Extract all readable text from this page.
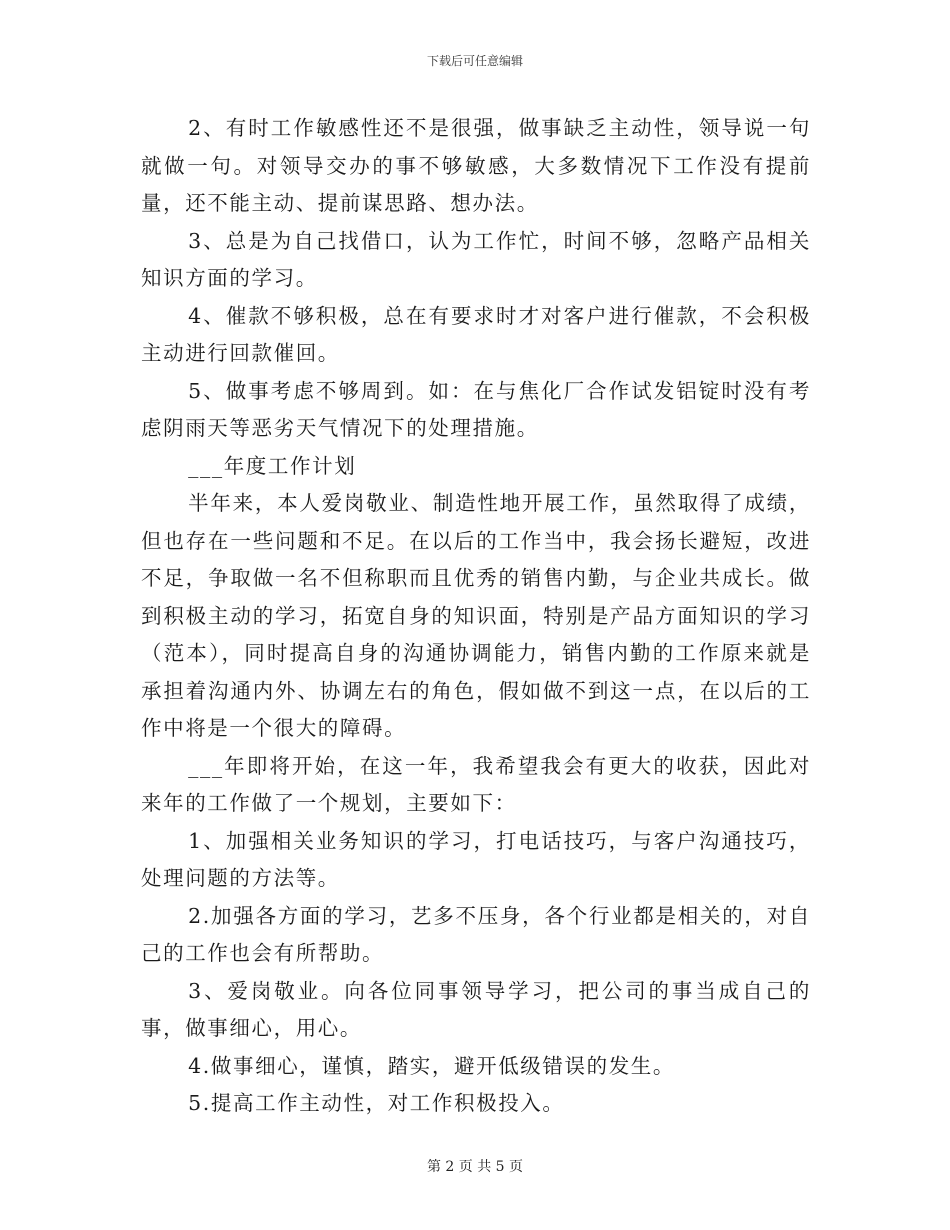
下载后可任意编辑

2、有时工作敏感性还不是很强，做事缺乏主动性，领导说一句就做一句。对领导交办的事不够敏感，大多数情况下工作没有提前量，还不能主动、提前谋思路、想办法。

3、总是为自己找借口，认为工作忙，时间不够，忽略产品相关知识方面的学习。

4、催款不够积极，总在有要求时才对客户进行催款，不会积极主动进行回款催回。

5、做事考虑不够周到。如：在与焦化厂合作试发铝锭时没有考虑阴雨天等恶劣天气情况下的处理措施。

___年度工作计划

半年来，本人爱岗敬业、制造性地开展工作，虽然取得了成绩，但也存在一些问题和不足。在以后的工作当中，我会扬长避短，改进不足，争取做一名不但称职而且优秀的销售内勤，与企业共成长。做到积极主动的学习，拓宽自身的知识面，特别是产品方面知识的学习（范本），同时提高自身的沟通协调能力，销售内勤的工作原来就是承担着沟通内外、协调左右的角色，假如做不到这一点，在以后的工作中将是一个很大的障碍。

___年即将开始，在这一年，我希望我会有更大的收获，因此对来年的工作做了一个规划，主要如下：

1、加强相关业务知识的学习，打电话技巧，与客户沟通技巧，处理问题的方法等。

2.加强各方面的学习，艺多不压身，各个行业都是相关的，对自己的工作也会有所帮助。

3、爱岗敬业。向各位同事领导学习，把公司的事当成自己的事，做事细心，用心。

4.做事细心，谨慎，踏实，避开低级错误的发生。

5.提高工作主动性，对工作积极投入。

第 2 页 共 5 页
